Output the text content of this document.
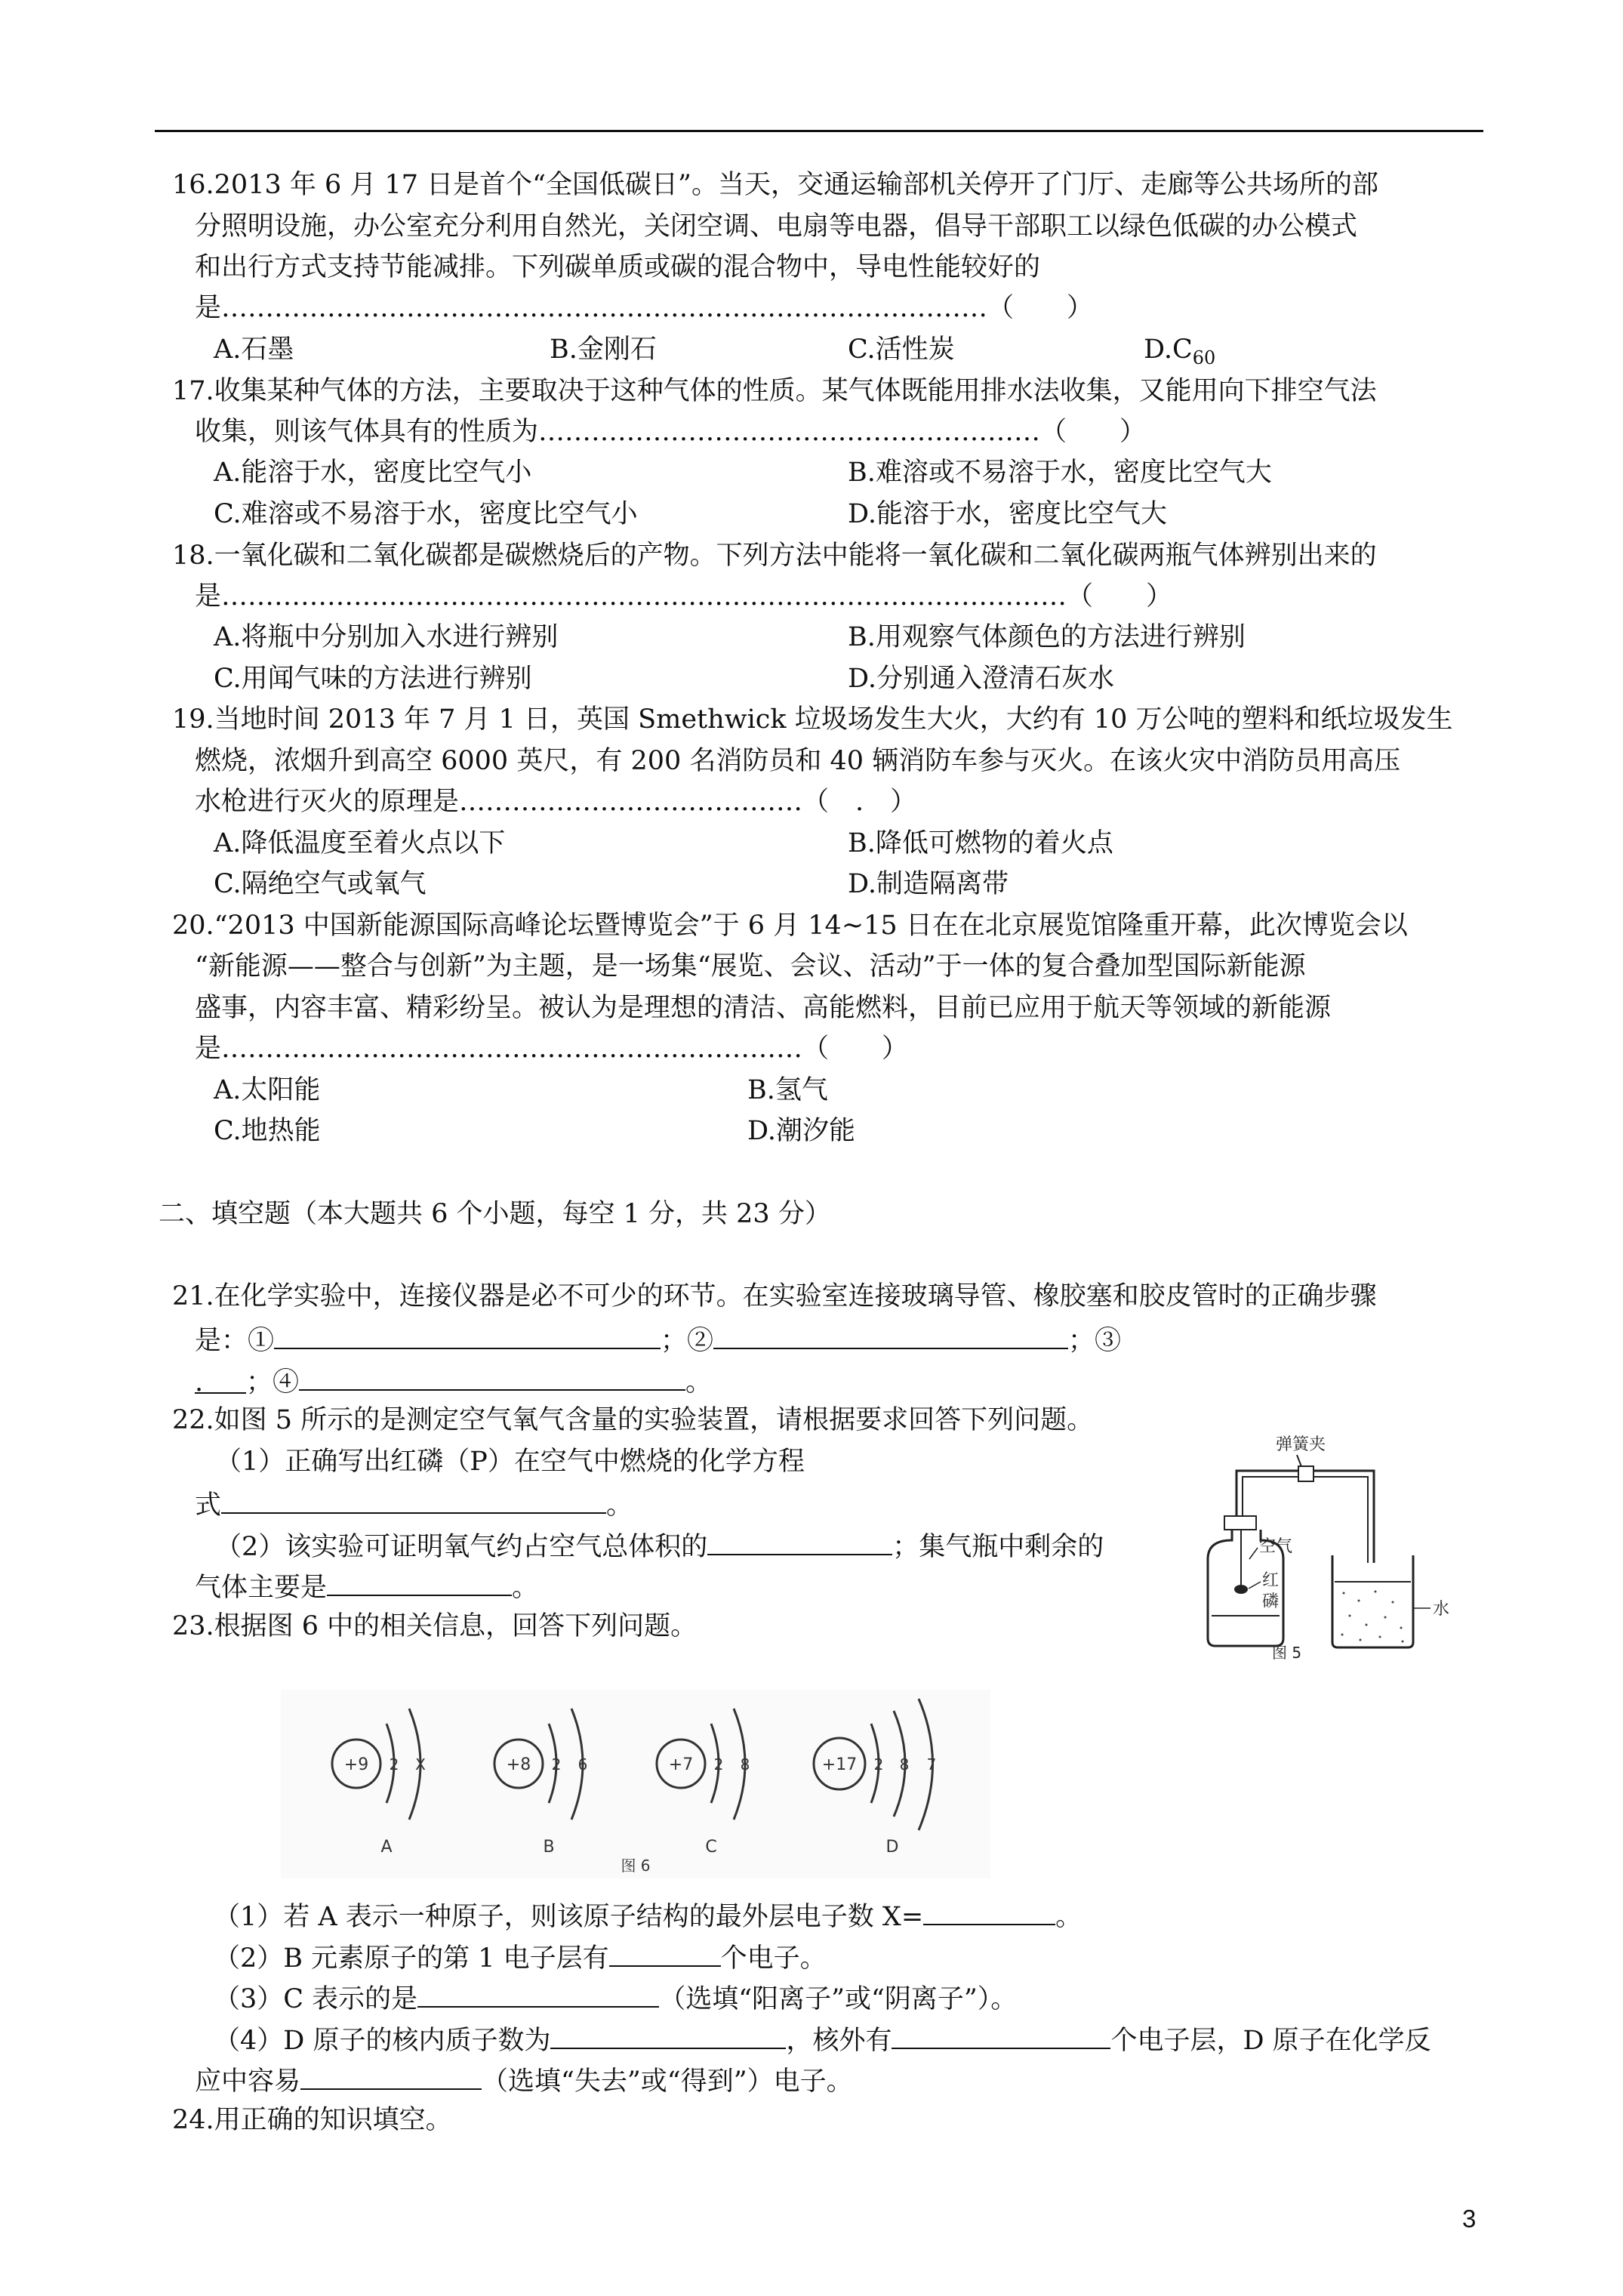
16.2013 年 6 月 17 日是首个“全国低碳日”。当天，交通运输部机关停开了门厅、走廊等公共场所的部
分照明设施，办公室充分利用自然光，关闭空调、电扇等电器，倡导干部职工以绿色低碳的办公模式
和出行方式支持节能减排。下列碳单质或碳的混合物中，导电性能较好的
是……………………………………………………………………………（　　）
A.石墨	B.金刚石	C.活性炭	$D.C_{60}$
17.收集某种气体的方法，主要取决于这种气体的性质。某气体既能用排水法收集，又能用向下排空气法
收集，则该气体具有的性质为…………………………………………………（　　）
A.能溶于水，密度比空气小	B.难溶或不易溶于水，密度比空气大
C.难溶或不易溶于水，密度比空气小	D.能溶于水，密度比空气大
18.一氧化碳和二氧化碳都是碳燃烧后的产物。下列方法中能将一氧化碳和二氧化碳两瓶气体辨别出来的
是……………………………………………………………………………………（　　）
A.将瓶中分别加入水进行辨别	B.用观察气体颜色的方法进行辨别
C.用闻气味的方法进行辨别	D.分别通入澄清石灰水
19.当地时间 2013 年 7 月 1 日，英国 Smethwick 垃圾场发生大火，大约有 10 万公吨的塑料和纸垃圾发生
燃烧，浓烟升到高空 6000 英尺，有 200 名消防员和 40 辆消防车参与灭火。在该火灾中消防员用高压
水枪进行灭火的原理是…………………………………（　.　）
A.降低温度至着火点以下	B.降低可燃物的着火点
C.隔绝空气或氧气	D.制造隔离带
20.“2013 中国新能源国际高峰论坛暨博览会”于 6 月 14~15 日在在北京展览馆隆重开幕，此次博览会以
“新能源——整合与创新”为主题，是一场集“展览、会议、活动”于一体的复合叠加型国际新能源
盛事，内容丰富、精彩纷呈。被认为是理想的清洁、高能燃料，目前已应用于航天等领域的新能源
是…………………………………………………………（　　）
A.太阳能	B.氢气
C.地热能	D.潮汐能
二、填空题（本大题共 6 个小题，每空 1 分，共 23 分）
21.在化学实验中，连接仪器是必不可少的环节。在实验室连接玻璃导管、橡胶塞和胶皮管时的正确步骤
是：①	；②	；③
. ；④	。
22.如图 5 所示的是测定空气氧气含量的实验装置，请根据要求回答下列问题。
（1）正确写出红磷（P）在空气中燃烧的化学方程
式	。
（2）该实验可证明氧气约占空气总体积的	；集气瓶中剩余的
气体主要是	。
弹簧夹
空气
红
磷	水
图 5
23.根据图 6 中的相关信息，回答下列问题。
+9 2 X
A
+8 2 6
B
+7 2 8
C
+17 2 8 7
D
图 6
（1）若 A 表示一种原子，则该原子结构的最外层电子数 X=	。
（2）B 元素原子的第 1 电子层有	个电子。
（3）C 表示的是	（选填“阳离子”或“阴离子”）。
（4）D 原子的核内质子数为	，核外有	个电子层，D 原子在化学反
应中容易	（选填“失去”或“得到”）电子。
24.用正确的知识填空。
3
